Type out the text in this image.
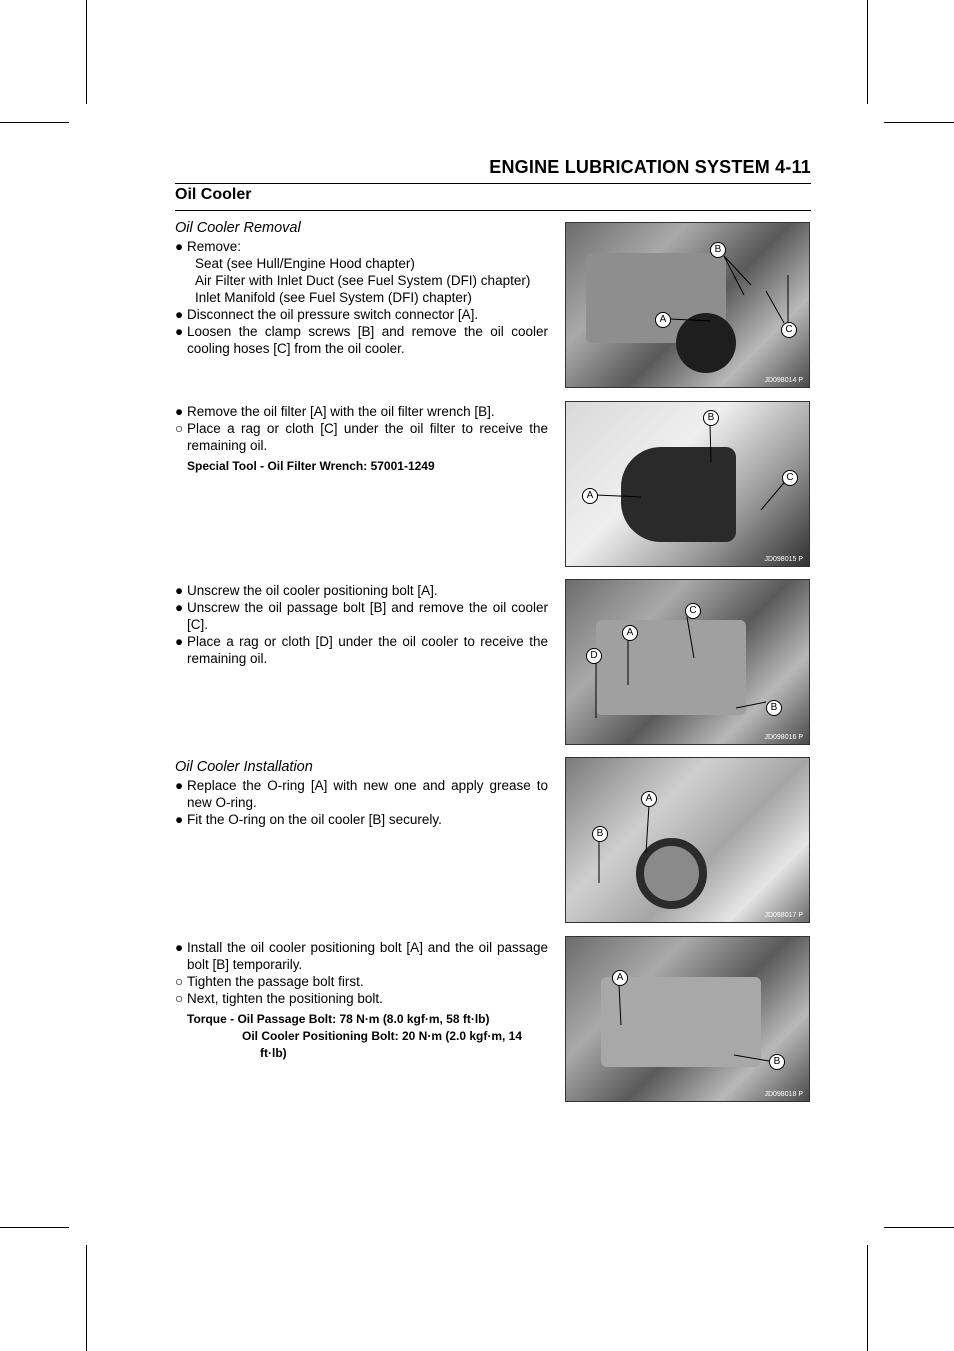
ENGINE LUBRICATION SYSTEM 4-11
Oil Cooler
Oil Cooler Removal
● Remove:
Seat (see Hull/Engine Hood chapter)
Air Filter with Inlet Duct (see Fuel System (DFI) chapter)
Inlet Manifold (see Fuel System (DFI) chapter)
● Disconnect the oil pressure switch connector [A].
● Loosen the clamp screws [B] and remove the oil cooler cooling hoses [C] from the oil cooler.
● Remove the oil filter [A] with the oil filter wrench [B].
○ Place a rag or cloth [C] under the oil filter to receive the remaining oil.
Special Tool - Oil Filter Wrench: 57001-1249
● Unscrew the oil cooler positioning bolt [A].
● Unscrew the oil passage bolt [B] and remove the oil cooler [C].
● Place a rag or cloth [D] under the oil cooler to receive the remaining oil.
Oil Cooler Installation
● Replace the O-ring [A] with new one and apply grease to new O-ring.
● Fit the O-ring on the oil cooler [B] securely.
● Install the oil cooler positioning bolt [A] and the oil passage bolt [B] temporarily.
○ Tighten the passage bolt first.
○ Next, tighten the positioning bolt.
Torque - Oil Passage Bolt: 78 N·m (8.0 kgf·m, 58 ft·lb)
Oil Cooler Positioning Bolt: 20 N·m (2.0 kgf·m, 14
ft·lb)
A
B
C
JD098014 P
A
B
C
JD098015 P
A
B
C
D
JD098016 P
A
B
JD098017 P
A
B
JD098018 P
